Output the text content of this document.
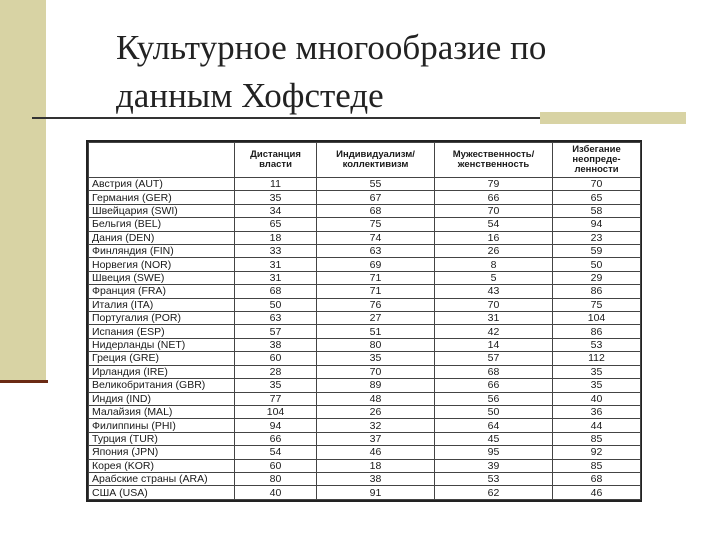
Культурное многообразие по
данным Хофстеде
	Дистанция власти	Индивидуализм/ коллективизм	Мужественность/ женственность	Избегание неопреде-ленности
Австрия (AUT)	11	55	79	70
Германия (GER)	35	67	66	65
Швейцария (SWI)	34	68	70	58
Бельгия (BEL)	65	75	54	94
Дания (DEN)	18	74	16	23
Финляндия (FIN)	33	63	26	59
Норвегия (NOR)	31	69	8	50
Швеция (SWE)	31	71	5	29
Франция (FRA)	68	71	43	86
Италия (ITA)	50	76	70	75
Португалия (POR)	63	27	31	104
Испания (ESP)	57	51	42	86
Нидерланды (NET)	38	80	14	53
Греция (GRE)	60	35	57	112
Ирландия (IRE)	28	70	68	35
Великобритания (GBR)	35	89	66	35
Индия (IND)	77	48	56	40
Малайзия (MAL)	104	26	50	36
Филиппины (PHI)	94	32	64	44
Турция (TUR)	66	37	45	85
Япония (JPN)	54	46	95	92
Корея (KOR)	60	18	39	85
Арабские страны (ARA)	80	38	53	68
США (USA)	40	91	62	46
